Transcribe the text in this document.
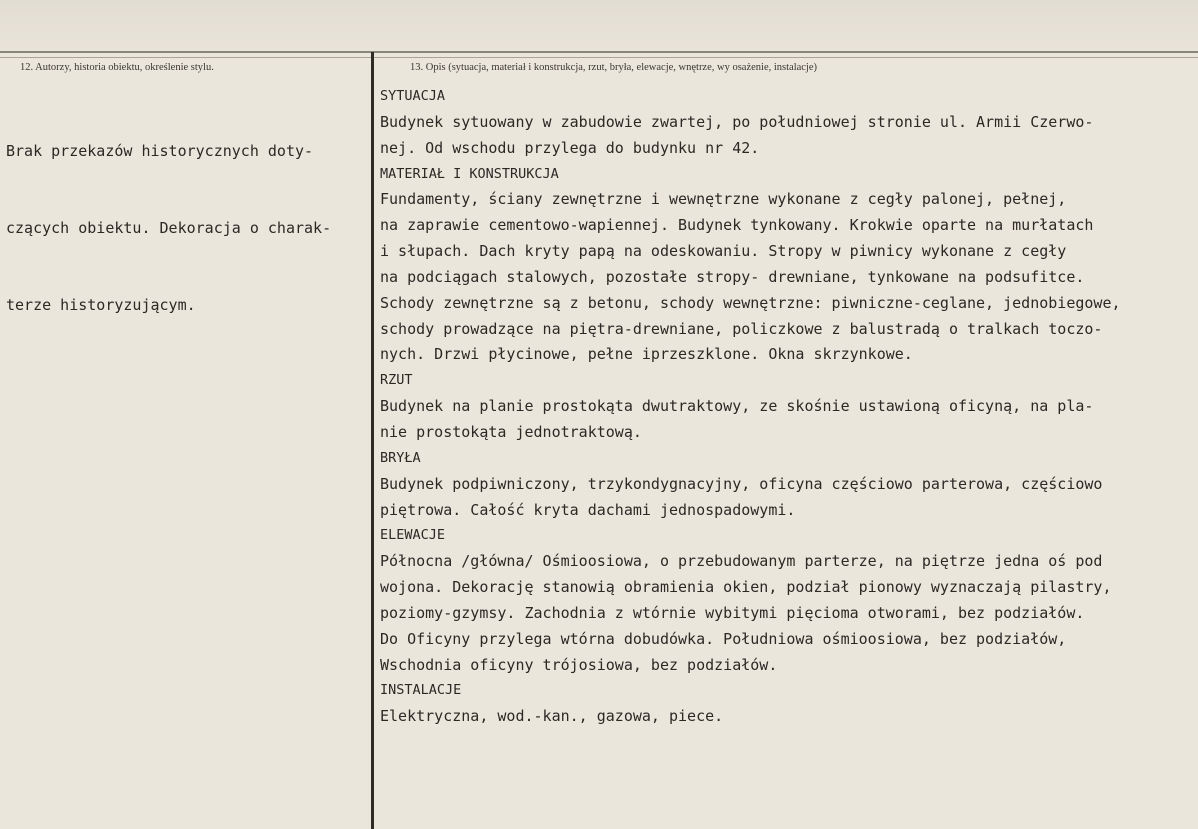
12. Autorzy, historia obiektu, określenie stylu.	13. Opis (sytuacja, materiał i konstrukcja, rzut, bryła, elewacje, wnętrze, wy osażenie, instalacje)

Brak przekazów historycznych doty-

czących obiektu. Dekoracja o charak-

terze historyzującym.

SYTUACJA
Budynek sytuowany w zabudowie zwartej, po południowej stronie ul. Armii Czerwo-
nej. Od wschodu przylega do budynku nr 42.
MATERIAŁ I KONSTRUKCJA
Fundamenty, ściany zewnętrzne i wewnętrzne wykonane z cegły palonej, pełnej,
na zaprawie cementowo-wapiennej. Budynek tynkowany. Krokwie oparte na murłatach
i słupach. Dach kryty papą na odeskowaniu. Stropy w piwnicy wykonane z cegły
na podciągach stalowych, pozostałe stropy- drewniane, tynkowane na podsufitce.
Schody zewnętrzne są z betonu, schody wewnętrzne: piwniczne-ceglane, jednobiegowe,
schody prowadzące na piętra-drewniane, policzkowe z balustradą o tralkach toczo-
nych. Drzwi płycinowe, pełne iprzeszklone. Okna skrzynkowe.
RZUT
Budynek na planie prostokąta dwutraktowy, ze skośnie ustawioną oficyną, na pla-
nie prostokąta jednotraktową.
BRYŁA
Budynek podpiwniczony, trzykondygnacyjny, oficyna częściowo parterowa, częściowo
piętrowa. Całość kryta dachami jednospadowymi.
ELEWACJE
Północna /główna/ Ośmioosiowa, o przebudowanym parterze, na piętrze jedna oś pod
wojona. Dekorację stanowią obramienia okien, podział pionowy wyznaczają pilastry,
poziomy-gzymsy. Zachodnia z wtórnie wybitymi pięcioma otworami, bez podziałów.
Do Oficyny przylega wtórna dobudówka. Południowa ośmioosiowa, bez podziałów,
Wschodnia oficyny trójosiowa, bez podziałów.
INSTALACJE
Elektryczna, wod.-kan., gazowa, piece.
